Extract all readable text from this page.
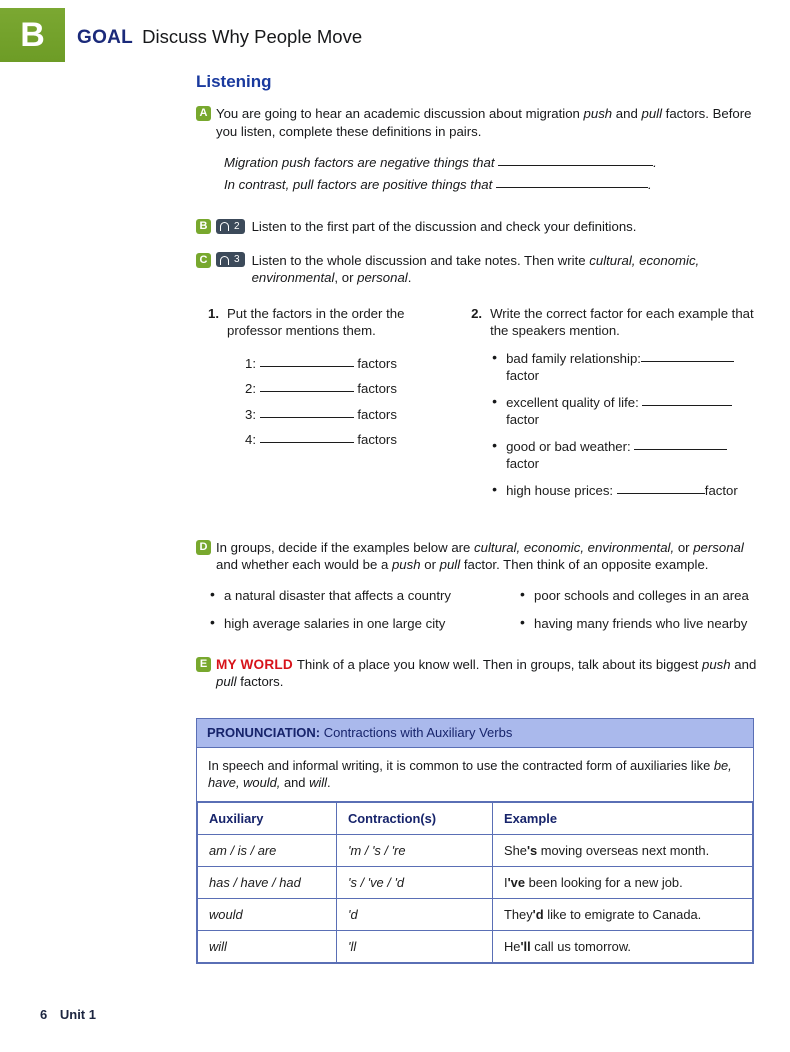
B	GOAL Discuss Why People Move
Listening
A You are going to hear an academic discussion about migration push and pull factors. Before you listen, complete these definitions in pairs.
Migration push factors are negative things that	.
In contrast, pull factors are positive things that	.
B	2 Listen to the first part of the discussion and check your definitions.
C	3 Listen to the whole discussion and take notes. Then write cultural, economic, environmental, or personal.
1. Put the factors in the order the professor mentions them.
1:	factors
2:	factors
3:	factors
4:	factors
2. Write the correct factor for each example that the speakers mention.
• bad family relationship:
factor
• excellent quality of life:
factor
• good or bad weather:
factor
• high house prices:	factor
D In groups, decide if the examples below are cultural, economic, environmental, or personal and whether each would be a push or pull factor. Then think of an opposite example.
• a natural disaster that affects a country
• high average salaries in one large city
• poor schools and colleges in an area
• having many friends who live nearby
E MY WORLD Think of a place you know well. Then in groups, talk about its biggest push and pull factors.
PRONUNCIATION: Contractions with Auxiliary Verbs
In speech and informal writing, it is common to use the contracted form of auxiliaries like be, have, would, and will.
Auxiliary	Contraction(s)	Example
am / is / are	'm / 's / 're	She's moving overseas next month.
has / have / had	's / 've / 'd	I've been looking for a new job.
would	'd	They'd like to emigrate to Canada.
will	'll	He'll call us tomorrow.
6 Unit 1
